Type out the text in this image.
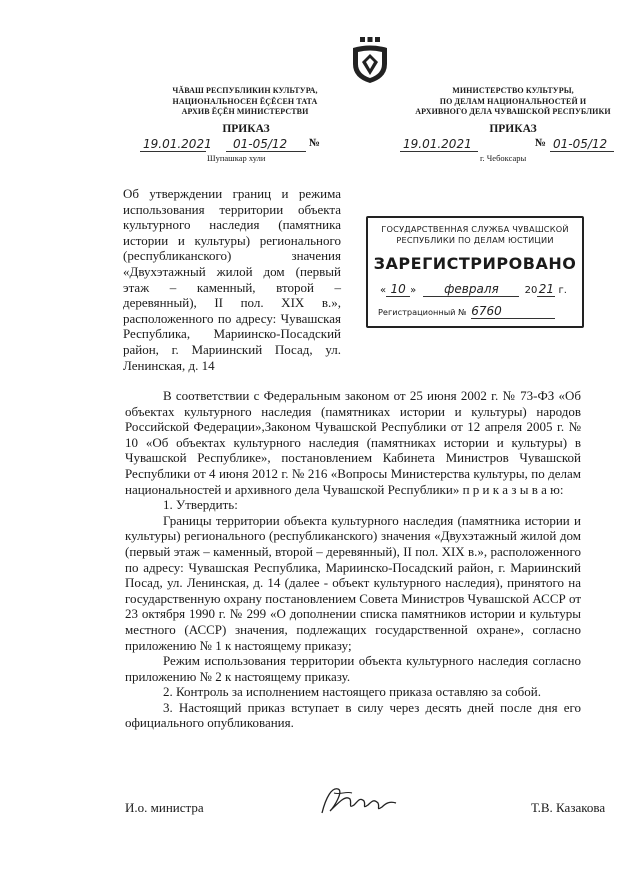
ЧĂВАШ РЕСПУБЛИКИН КУЛЬТУРА,
НАЦИОНАЛЬНОСЕН ĔÇĔСЕН ТАТА
АРХИВ ĔÇĔН МИНИСТЕРСТВИ
ПРИКАЗ
19.01.2021 01-05/12 №
Шупашкар хули
МИНИСТЕРСТВО КУЛЬТУРЫ,
ПО ДЕЛАМ НАЦИОНАЛЬНОСТЕЙ И
АРХИВНОГО ДЕЛА ЧУВАШСКОЙ РЕСПУБЛИКИ
ПРИКАЗ
19.01.2021	№ 01-05/12
г. Чебоксары
Об утверждении границ и режима использования территории объекта культурного наследия (памятника истории и культуры) регионального (республиканского) значения «Двухэтажный жилой дом (первый этаж – каменный, второй – деревянный), II пол. XIX в.», расположенного по адресу: Чувашская Республика, Мариинско-Посадский район, г. Мариинский Посад, ул. Ленинская, д. 14
ГОСУДАРСТВЕННАЯ СЛУЖБА ЧУВАШСКОЙ
РЕСПУБЛИКИ ПО ДЕЛАМ ЮСТИЦИИ
ЗАРЕГИСТРИРОВАНО
« 10 » февраля	2021 г.
Регистрационный № 6760

В соответствии с Федеральным законом от 25 июня 2002 г. № 73-ФЗ «Об объектах культурного наследия (памятниках истории и культуры) народов Российской Федерации»,Законом Чувашской Республики от 12 апреля 2005 г. № 10 «Об объектах культурного наследия (памятниках истории и культуры) в Чувашской Республике», постановлением Кабинета Министров Чувашской Республики от 4 июня 2012 г. № 216 «Вопросы Министерства культуры, по делам национальностей и архивного дела Чувашской Республики» п р и к а з ы в а ю:

1. Утвердить:

Границы территории объекта культурного наследия (памятника истории и культуры) регионального (республиканского) значения «Двухэтажный жилой дом (первый этаж – каменный, второй – деревянный), II пол. XIX в.», расположенного по адресу: Чувашская Республика, Мариинско-Посадский район, г. Мариинский Посад, ул. Ленинская, д. 14 (далее - объект культурного наследия), принятого на государственную охрану постановлением Совета Министров Чувашской АССР от 23 октября 1990 г. № 299 «О дополнении списка памятников истории и культуры местного (АССР) значения, подлежащих государственной охране», согласно приложению № 1 к настоящему приказу;

Режим использования территории объекта культурного наследия согласно приложению № 2 к настоящему приказу.

2. Контроль за исполнением настоящего приказа оставляю за собой.

3. Настоящий приказ вступает в силу через десять дней после дня его официального опубликования.

И.о. министра	Т.В. Казакова
